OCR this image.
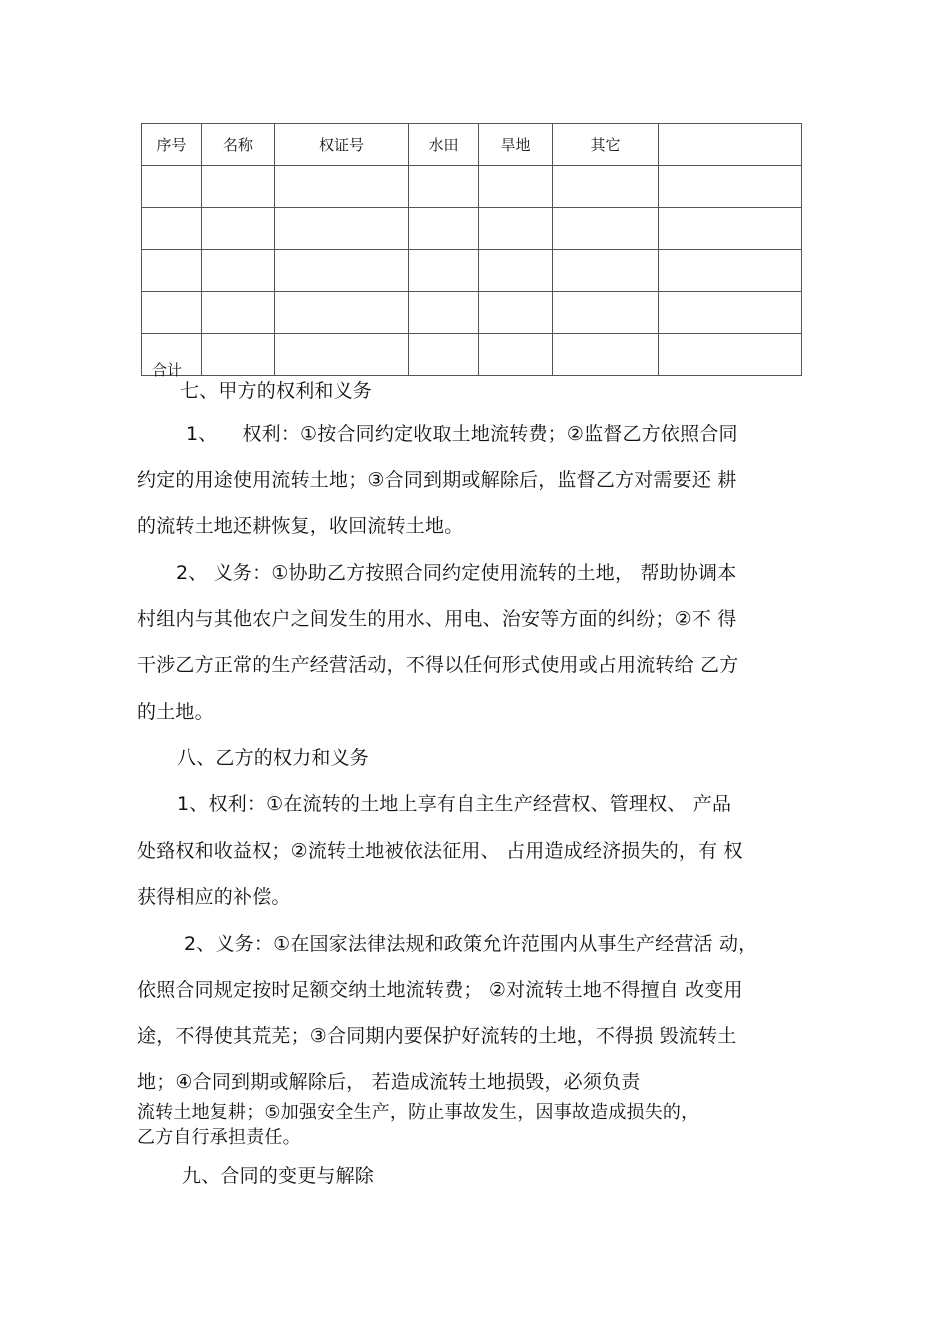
序号	名称	权证号	水田	旱地	其它	

合计						

七、甲方的权利和义务
1、    权利：①按合同约定收取土地流转费；②监督乙方依照合同
约定的用途使用流转土地；③合同到期或解除后，监督乙方对需要还 耕
的流转土地还耕恢复，收回流转土地。
2、 义务：①协助乙方按照合同约定使用流转的土地， 帮助协调本
村组内与其他农户之间发生的用水、用电、治安等方面的纠纷；②不 得
干涉乙方正常的生产经营活动，不得以任何形式使用或占用流转给 乙方
的土地。
八、乙方的权力和义务
1、权利：①在流转的土地上享有自主生产经营权、管理权、 产品
处臵权和收益权；②流转土地被依法征用、 占用造成经济损失的，有 权
获得相应的补偿。
2、义务：①在国家法律法规和政策允许范围内从事生产经营活 动，
依照合同规定按时足额交纳土地流转费； ②对流转土地不得擅自 改变用
途，不得使其荒芜；③合同期内要保护好流转的土地，不得损 毁流转土
地；④合同到期或解除后， 若造成流转土地损毁，必须负责
流转土地复耕；⑤加强安全生产，防止事故发生，因事故造成损失的，
乙方自行承担责任。
九、合同的变更与解除
